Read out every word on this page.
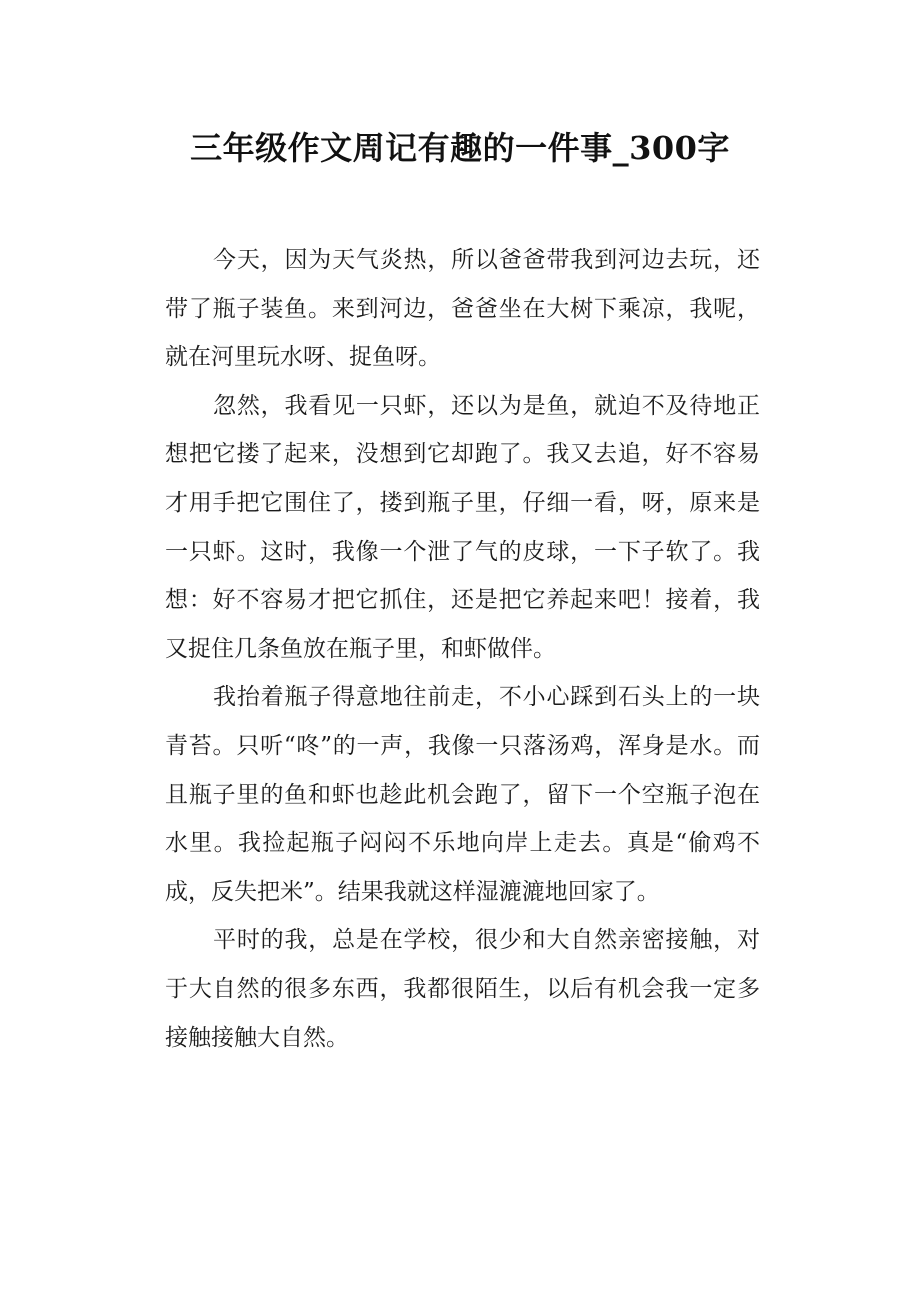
三年级作文周记有趣的一件事_300字

今天，因为天气炎热，所以爸爸带我到河边去玩，还带了瓶子装鱼。来到河边，爸爸坐在大树下乘凉，我呢，就在河里玩水呀、捉鱼呀。

忽然，我看见一只虾，还以为是鱼，就迫不及待地正想把它搂了起来，没想到它却跑了。我又去追，好不容易才用手把它围住了，搂到瓶子里，仔细一看，呀，原来是一只虾。这时，我像一个泄了气的皮球，一下子软了。我想：好不容易才把它抓住，还是把它养起来吧！接着，我又捉住几条鱼放在瓶子里，和虾做伴。

我抬着瓶子得意地往前走，不小心踩到石头上的一块青苔。只听“咚”的一声，我像一只落汤鸡，浑身是水。而且瓶子里的鱼和虾也趁此机会跑了，留下一个空瓶子泡在水里。我捡起瓶子闷闷不乐地向岸上走去。真是“偷鸡不成，反失把米”。结果我就这样湿漉漉地回家了。

平时的我，总是在学校，很少和大自然亲密接触，对于大自然的很多东西，我都很陌生，以后有机会我一定多接触接触大自然。
